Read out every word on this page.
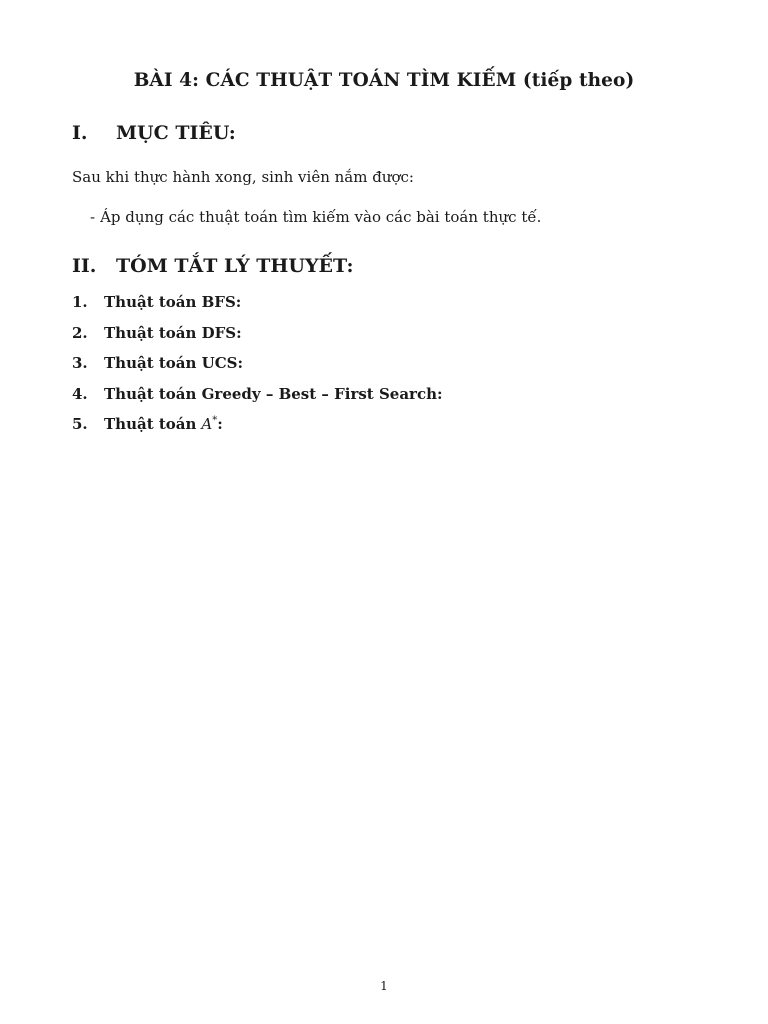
BÀI 4: CÁC THUẬT TOÁN TÌM KIẾM (tiếp theo)
I. MỤC TIÊU:
Sau khi thực hành xong, sinh viên nắm được:
- Áp dụng các thuật toán tìm kiếm vào các bài toán thực tế.
II. TÓM TẮT LÝ THUYẾT:
1.	Thuật toán BFS:
2.	Thuật toán DFS:
3.	Thuật toán UCS:
4.	Thuật toán Greedy – Best – First Search:
5.	Thuật toán A* :
1
